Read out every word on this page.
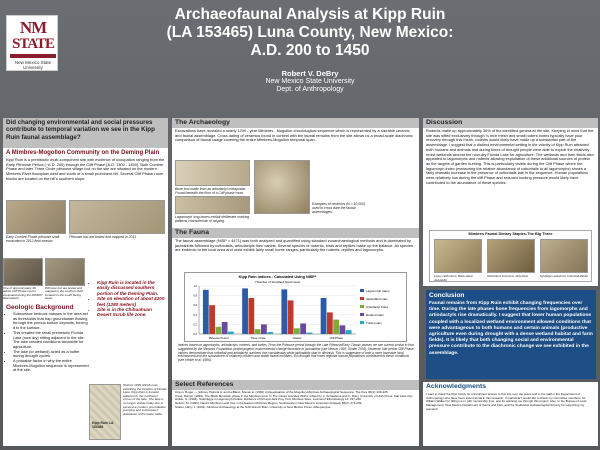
NM
STATE
New Mexico State University
Archaeofaunal Analysis at Kipp Ruin
(LA 153465) Luna County, New Mexico:
A.D. 200 to 1450
Robert V. DeBry
New Mexico State University
Dept. of Anthropology
Did changing environmental and social pressures contribute to temporal variation we see in the Kipp Ruin faunal assemblage?
A Mimbres-Mogollon Community on the Deming Plain
Kipp Ruin is a prehistoric multi-component site with evidence of occupation ranging from the Early Pithouse Period (~A.D. 200) through the Cliff Phase (A.D. 1300 - 1450). Both Cumbre Phase and later Three Circle pithouse village loci on the site are situated on the modern Mimbres River floodplain west and south of a small prominent hill. Several Cliff Phase room blocks are located on the hill's southern slope.
Early Cumbre Phase pithouse shaft excavated in 2012 field season
Pithouse loci are tested and mapped in 2013
One of approximately 40 adobe Cliff Phase rooms excavated during the 2006/07 field season.
Pithouse loci are tested and mapped in the southern field, located on the south facing slope.
Geologic Background
• Subsurface bedrock masses in the area act as thresholds that trap groundwater flowing through the porous bolson deposits, forcing it to the surface.
• This created the small prehistoric Florida Lake (now dry) sitting adjacent to the site. The lake created conditions favorable for agriculture.
• The lake (or wetland) acted as a buffer during drought cycles.
• A probable factor in why the entire Mimbres-Mogollon sequence is represented at the site.
• Kipp Ruin is located in the easily discussed southern portion of the Deming Plain.
• Site on elevation of about 4200 feet (1280 meters)
• Site is in the Chihuahuan Desert Scrub life zone.
Kipp Ruin LA 153465
Historic 1899 USGS map indicating the location of Florida Lake. Kipp Ruin is located adjacent to the northwest corner of the lake. The lake is no longer visible today due to excessive modern groundwater pumping and subsequent drawdown of the water table.
The Archaeology
Excavations have revealed a nearly 1200 - year Mimbres - Mogollon chronological sequence which is represented by a sizeable ceramic and faunal assemblage. Cross dating of ceramics found in context with the faunal remains from the site allows us a broad-scale diachronic comparison of faunal usage covering the entire Mimbres-Mogollon temporal span.
Bone tool made from an artiodactyl metapodial. Found beneath the floor of a Cliff phase room.
Lagomorph long bones exhibit deliberate marking patterns characteristic of rasping.
Examples of ceramics (N = 10,000) used to cross date the faunal assemblages.
The Fauna
The faunal assemblage (NISP = 4471) was both analyzed and quantified using standard zooarchaeological methods and is dominated by jackrabbits followed by cottontails, artiodactyls then canids. Several species of rodents, birds and reptiles make up the balance. All species are endemic to the local area and most exhibit fairly small home ranges, particularly the rodents, reptiles and lagomorphs.
Kipp Ruin Indices - Calculated Using NISP*
(*Number of Identified Specimens)
0.0
0.2
0.4
0.6
0.8
1.0
Pithouse Period	Three Circle	Classic	Cliff Phase
Lagomorph Index
Jackrabbit Index
Artiodactyl Index
Rodent Index
Turtle Index
Indices based on lagomorphs, artiodactyls, rodents, and turtles. From the Pithouse period through the Late Pithouse/Early Classic phases we see a trend similar to that suggested by the Mimbres Foundation (anthropogenic environmental change favorable to jackrabbits (see Nelson 1993; Shafer 2003). However, late period Cliff Phase indices demonstrate that cottontail and artiodactyl numbers rise considerably while jackrabbits start to diminish. This is suggestive of both a more favorable local environment and the subsistence of relatively modern and stable faunal numbers. It is thought that lower regional human populations contributed to these conditions (see Hinkle et al. 1986).
Select References
Anyon, Roger — Gilman, Patricia A. and LeBlanc, Steven A. (1981) A Reevaluation of the Mogollon-Mimbres Archaeological Sequence. The Kiva 46(4): 209-225.
Creel, Darrell, (1999). The Black Mountain phase in the Mimbres area. In The Casas Grandes World, edited by C. Schaafsma and C. Riley, University of Utah Press, Salt Lake City.
Hinkle, S. (1994). Snail Eggs in Lagomorph Pellets: Evidence of Kill and Jack Prey from Mimbres Sites. Journal of Ethnobiology 14: 237-260.
Nelson, M. (1993) Classic Mimbres Land Use in the Eastern Mimbres Region, Southwestern New Mexico. American Antiquity 58(2): 271-289.
Shafer, Harry J. (2003). Mimbres Archaeology at the NAN Ranch Ruin. University of New Mexico Press, Albuquerque.
Discussion
Rodents make up approximately 30% of the identified genera at the site. Keeping in mind that the site was sifted exclusively through ¼ inch mesh and small rodent bones typically have poor recovery through this mesh, rodents would likely have made up a substantial part of the assemblage. I suggest that a distinct environmental setting in the vicinity of Kipp Ruin attracted both humans and animals and during times of drought people were able to exploit the relatively moist wetlands around the now-dry Florida Lake for agriculture. The wetlands and farm fields also appealed to lagomorphs and rodents allowing exploitation of these additional sources of protein as the targets of garden hunting. This is particularly visible during the Cliff Phase where the lagomorph index (measuring the relative abundance of cottontails to all lagomorphs) shows a fairly dramatic increase in the presence of cottontails late in the sequence. Human populations were relatively low during the cliff Phase and reduced hunting pressure would likely have contributed to the abundance of these species.
Mimbres Faunal Dietary Staples-The Big Three
Lepus californicus, Black-tailed Jackrabbit
Odocoileus hemionus, Mule Deer	Sylvilagus audubonii, Cottontail Rabbit
Conclusion
Faunal remains from Kipp Ruin exhibit changing frequencies over time. During the late phases bone frequencies from lagomorphs and artiodactyls rise dramatically. I suggest that lower human populations coupled with a localized wetland environment allowed conditions that were advantageous to both humans and certain animals (productive agriculture even during drought with a dense wetland habitat and farm fields). It is likely that both changing social and environmental pressure contribute to the diachronic change we see exhibited in the assemblage.
Acknowledgments
I want to thank the Kipp family for unrestricted access to this site over the years and to the staff in the Department of Anthropology who have been instrumental in this research. In particular I would like to thank my committee members, Dr. William Walker for filling me in with mentorship time, and for advising me through this project. Also, to the Bureau of Land Management, New Mexico Department of Game and Fish, and the Southwest Archaeological Society for supporting my research.
